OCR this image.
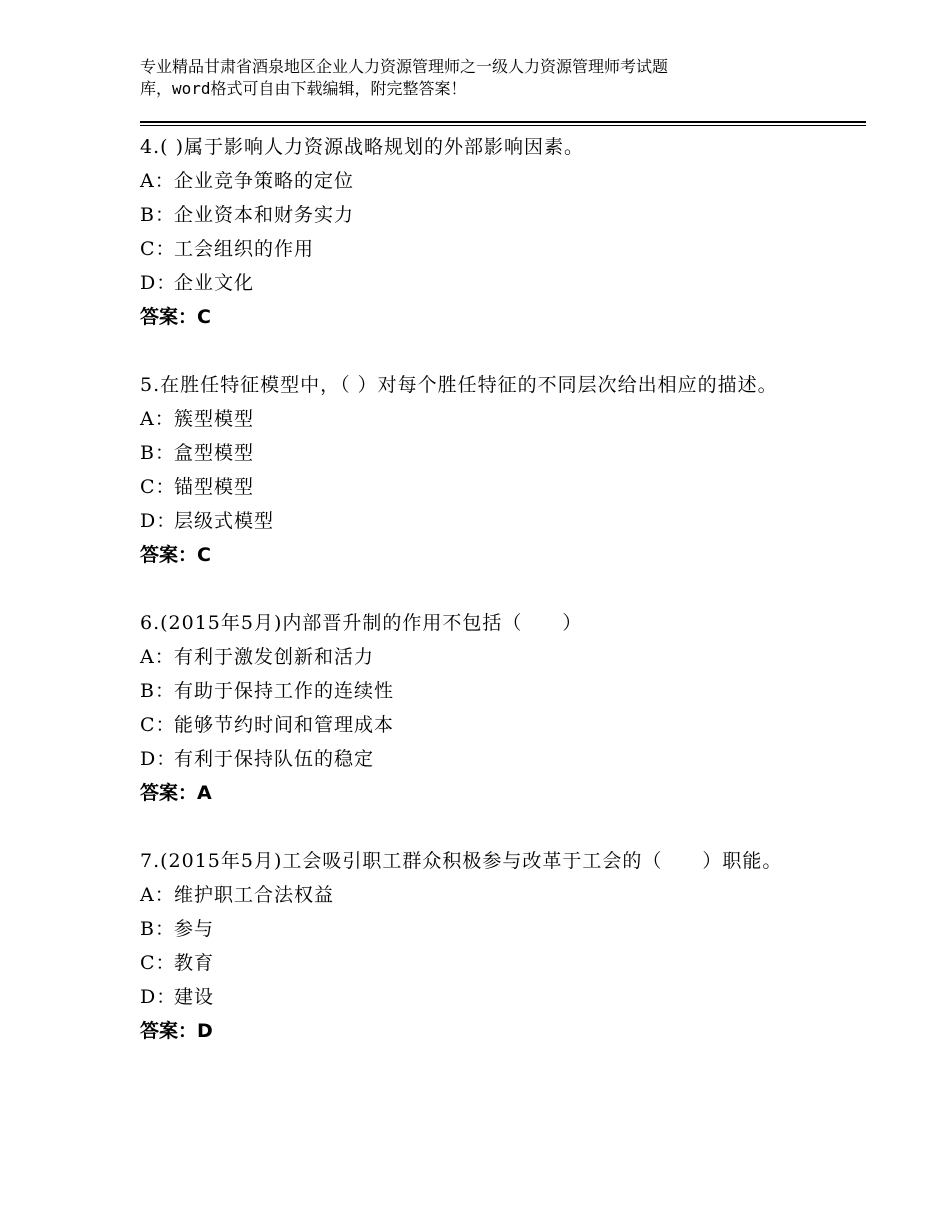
专业精品甘肃省酒泉地区企业人力资源管理师之一级人力资源管理师考试题
库，word格式可自由下载编辑，附完整答案！
4.( )属于影响人力资源战略规划的外部影响因素。
A：企业竞争策略的定位
B：企业资本和财务实力
C：工会组织的作用
D：企业文化
答案：C
5.在胜任特征模型中，（ ）对每个胜任特征的不同层次给出相应的描述。
A：簇型模型
B：盒型模型
C：锚型模型
D：层级式模型
答案：C
6.(2015年5月)内部晋升制的作用不包括（　　）
A：有利于激发创新和活力
B：有助于保持工作的连续性
C：能够节约时间和管理成本
D：有利于保持队伍的稳定
答案：A
7.(2015年5月)工会吸引职工群众积极参与改革于工会的（　　）职能。
A：维护职工合法权益
B：参与
C：教育
D：建设
答案：D
